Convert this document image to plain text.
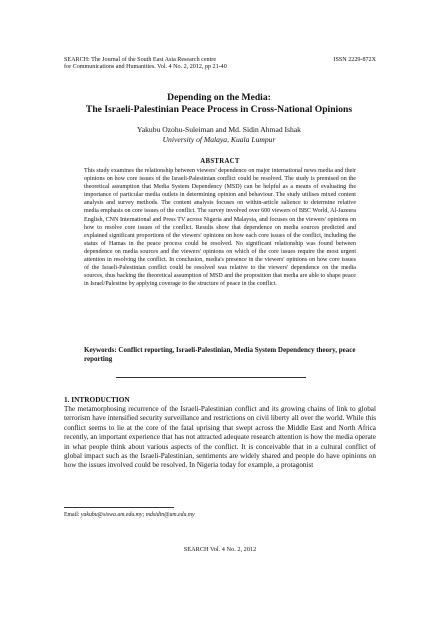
SEARCH: The Journal of the South East Asia Research centre
for Communications and Humanities. Vol. 4 No. 2, 2012, pp 21-40
ISSN 2229-872X
Depending on the Media:
The Israeli-Palestinian Peace Process in Cross-National Opinions
Yakubu Ozohu-Suleiman and Md. Sidin Ahmad Ishak
University of Malaya, Kuala Lumpur
ABSTRACT
This study examines the relationship between viewers' dependence on major international news media and their opinions on how core issues of the Israeli-Palestinian conflict could be resolved. The study is premised on the theoretical assumption that Media System Dependency (MSD) can be helpful as a means of evaluating the importance of particular media outlets in determining opinion and behaviour. The study utilises mixed content analysis and survey methods. The content analysis focuses on within-article salience to determine relative media emphasis on core issues of the conflict. The survey involved over 600 viewers of BBC World, Al-Jazeera English, CNN International and Press TV across Nigeria and Malaysia, and focuses on the viewers' opinions on how to resolve core issues of the conflict. Results show that dependence on media sources predicted and explained significant proportions of the viewers' opinions on how each core issues of the conflict, including the status of Hamas in the peace process could be resolved. No significant relationship was found between dependence on media sources and the viewers' opinions on which of the core issues require the most urgent attention in resolving the conflict. In conclusion, media's presence in the viewers' opinions on how core issues of the Israeli-Palestinian conflict could be resolved was relative to the viewers' dependence on the media sources, thus backing the theoretical assumption of MSD and the proposition that media are able to shape peace in Israel/Palestine by applying coverage to the structure of peace in the conflict.
Keywords: Conflict reporting, Israeli-Palestinian, Media System Dependency theory, peace reporting
1. INTRODUCTION
The metamorphosing recurrence of the Israeli-Palestinian conflict and its growing chains of link to global terrorism have intensified security surveillance and restrictions on civil liberty all over the world. While this conflict seems to lie at the core of the fatal uprising that swept across the Middle East and North Africa recently, an important experience that has not attracted adequate research attention is how the media operate in what people think about various aspects of the conflict. It is conceivable that in a cultural conflict of global impact such as the Israeli-Palestinian, sentiments are widely shared and people do have opinions on how the issues involved could be resolved. In Nigeria today for example, a protagonist
Email: yakubu@siswa.um.edu.my; mdsidin@um.edu.my
SEARCH Vol. 4 No. 2, 2012
